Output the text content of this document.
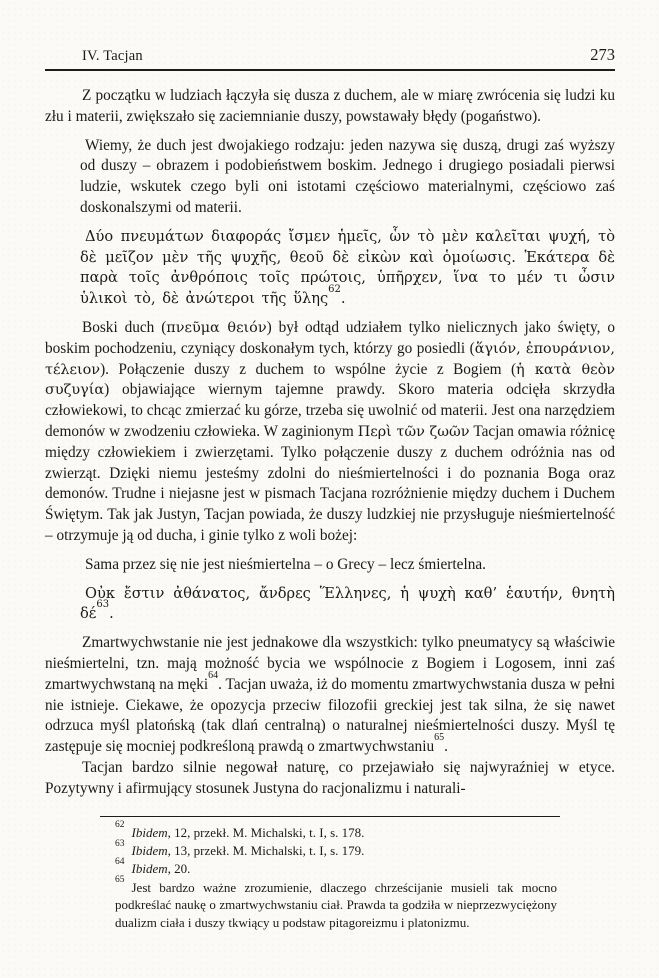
IV. Tacjan	273

Z początku w ludziach łączyła się dusza z duchem, ale w miarę zwrócenia się ludzi ku złu i materii, zwiększało się zaciemnianie duszy, powstawały błędy (pogaństwo).

Wiemy, że duch jest dwojakiego rodzaju: jeden nazywa się duszą, drugi zaś wyższy od duszy – obrazem i podobieństwem boskim. Jednego i drugiego posiadali pierwsi ludzie, wskutek czego byli oni istotami częściowo materialnymi, częściowo zaś doskonalszymi od materii.

Δύο πνευμάτων διαφοράς ἴσμεν ἡμεῖς, ὧν τὸ μὲν καλεῖται ψυχή, τὸ δὲ μεῖζον μὲν τῆς ψυχῆς, θεοῦ δὲ εἰκὼν καὶ ὁμοίωσις. Ἑκάτερα δὲ παρὰ τοῖς ἀνθρόποις τοῖς πρώτοις, ὑπῆρχεν, ἵνα το μέν τι ὦσιν ὑλικοὶ τὸ, δὲ ἀνώτεροι τῆς ὕλης$^{62}$.

Boski duch (πνεῦμα θειόν) był odtąd udziałem tylko nielicznych jako święty, o boskim pochodzeniu, czyniący doskonałym tych, którzy go posiedli (ἅγιόν, ἐπουράνιον, τέλειον). Połączenie duszy z duchem to wspólne życie z Bogiem (ἡ κατὰ θεὸν συζυγία) objawiające wiernym tajemne prawdy. Skoro materia odcięła skrzydła człowiekowi, to chcąc zmierzać ku górze, trzeba się uwolnić od materii. Jest ona narzędziem demonów w zwodzeniu człowieka. W zaginionym Περὶ τῶν ζωῶν Tacjan omawia różnicę między człowiekiem i zwierzętami. Tylko połączenie duszy z duchem odróżnia nas od zwierząt. Dzięki niemu jesteśmy zdolni do nieśmiertelności i do poznania Boga oraz demonów. Trudne i niejasne jest w pismach Tacjana rozróżnienie między duchem i Duchem Świętym. Tak jak Justyn, Tacjan powiada, że duszy ludzkiej nie przysługuje nieśmiertelność – otrzymuje ją od ducha, i ginie tylko z woli bożej:

Sama przez się nie jest nieśmiertelna – o Grecy – lecz śmiertelna.

Οὐκ ἔστιν ἀθάνατος, ἄνδρες Ἕλληνες, ἡ ψυχὴ καθ’ ἑαυτήν, θνητὴ δέ$^{63}$.

Zmartwychwstanie nie jest jednakowe dla wszystkich: tylko pneumatycy są właściwie nieśmiertelni, tzn. mają możność bycia we wspólnocie z Bogiem i Logosem, inni zaś zmartwychwstaną na męki$^{64}$. Tacjan uważa, iż do momentu zmartwychwstania dusza w pełni nie istnieje. Ciekawe, że opozycja przeciw filozofii greckiej jest tak silna, że się nawet odrzuca myśl platońską (tak dlań centralną) o naturalnej nieśmiertelności duszy. Myśl tę zastępuje się mocniej podkreśloną prawdą o zmartwychwstaniu$^{65}$.

Tacjan bardzo silnie negował naturę, co przejawiało się najwyraźniej w etyce. Pozytywny i afirmujący stosunek Justyna do racjonalizmu i naturali-

$^{62}$ Ibidem, 12, przekł. M. Michalski, t. I, s. 178.

$^{63}$ Ibidem, 13, przekł. M. Michalski, t. I, s. 179.

$^{64}$ Ibidem, 20.

$^{65}$ Jest bardzo ważne zrozumienie, dlaczego chrześcijanie musieli tak mocno podkreślać naukę o zmartwychwstaniu ciał. Prawda ta godziła w nieprzezwyciężony dualizm ciała i duszy tkwiący u podstaw pitagoreizmu i platonizmu.
